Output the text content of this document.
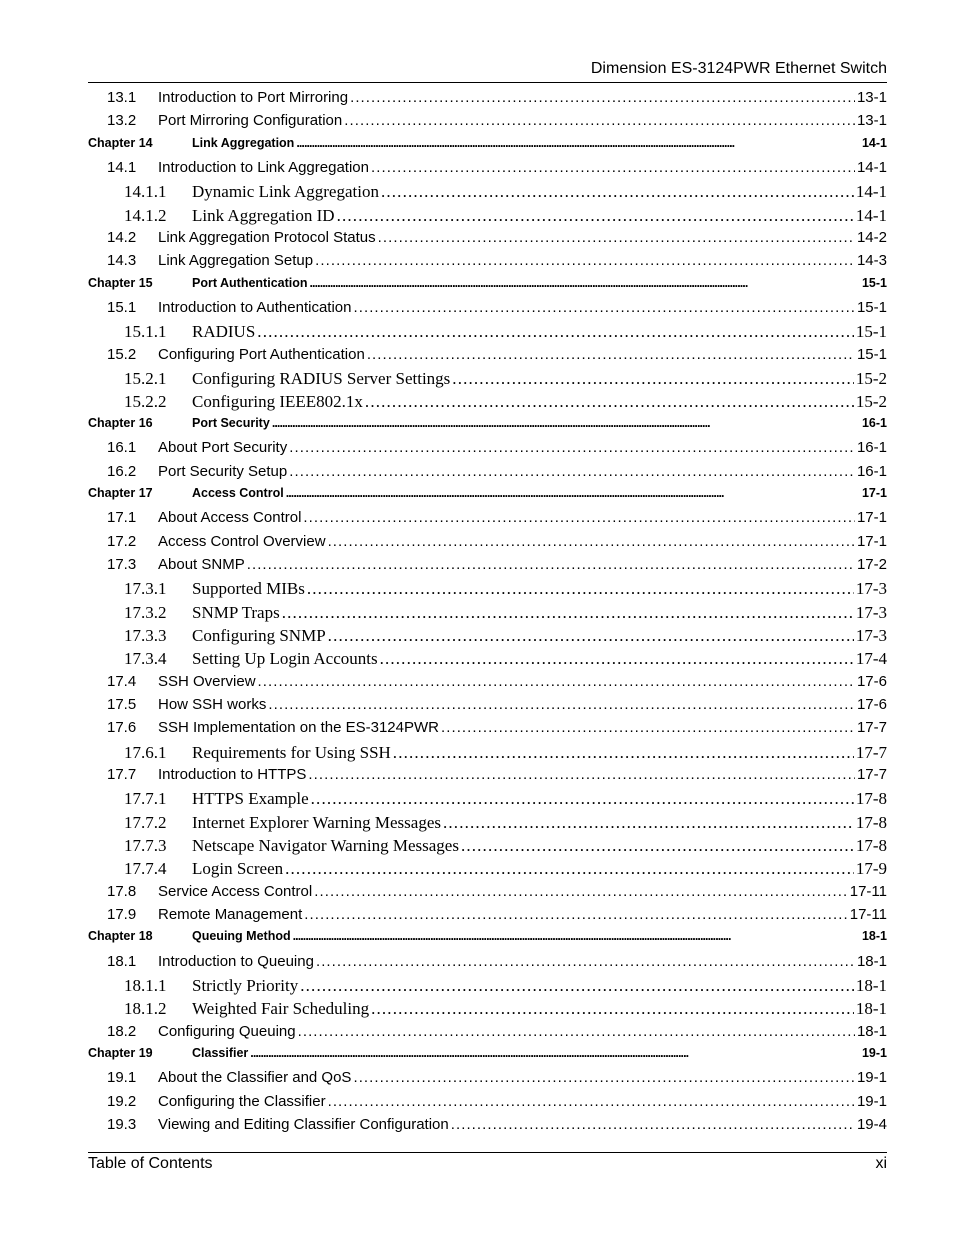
Dimension ES-3124PWR Ethernet Switch
13.1	Introduction to Port Mirroring . . .	13-1
13.2	Port Mirroring Configuration . . .	13-1
Chapter 14	Link Aggregation . . .	14-1
14.1	Introduction to Link Aggregation . . .	14-1
14.1.1	Dynamic Link Aggregation . . .	14-1
14.1.2	Link Aggregation ID . . .	14-1
14.2	Link Aggregation Protocol Status . . .	14-2
14.3	Link Aggregation Setup . . .	14-3
Chapter 15	Port Authentication . . .	15-1
15.1	Introduction to Authentication . . .	15-1
15.1.1	RADIUS . . .	15-1
15.2	Configuring Port Authentication . . .	15-1
15.2.1	Configuring RADIUS Server Settings . . .	15-2
15.2.2	Configuring IEEE802.1x . . .	15-2
Chapter 16	Port Security . . .	16-1
16.1	About Port Security . . .	16-1
16.2	Port Security Setup . . .	16-1
Chapter 17	Access Control . . .	17-1
17.1	About Access Control . . .	17-1
17.2	Access Control Overview . . .	17-1
17.3	About SNMP . . .	17-2
17.3.1	Supported MIBs . . .	17-3
17.3.2	SNMP Traps . . .	17-3
17.3.3	Configuring SNMP . . .	17-3
17.3.4	Setting Up Login Accounts . . .	17-4
17.4	SSH Overview . . .	17-6
17.5	How SSH works . . .	17-6
17.6	SSH Implementation on the ES-3124PWR . . .	17-7
17.6.1	Requirements for Using SSH . . .	17-7
17.7	Introduction to HTTPS . . .	17-7
17.7.1	HTTPS Example . . .	17-8
17.7.2	Internet Explorer Warning Messages . . .	17-8
17.7.3	Netscape Navigator Warning Messages . . .	17-8
17.7.4	Login Screen . . .	17-9
17.8	Service Access Control . . .	17-11
17.9	Remote Management . . .	17-11
Chapter 18	Queuing Method . . .	18-1
18.1	Introduction to Queuing . . .	18-1
18.1.1	Strictly Priority . . .	18-1
18.1.2	Weighted Fair Scheduling . . .	18-1
18.2	Configuring Queuing . . .	18-1
Chapter 19	Classifier . . .	19-1
19.1	About the Classifier and QoS . . .	19-1
19.2	Configuring the Classifier . . .	19-1
19.3	Viewing and Editing Classifier Configuration . . .	19-4
Table of Contents	xi
